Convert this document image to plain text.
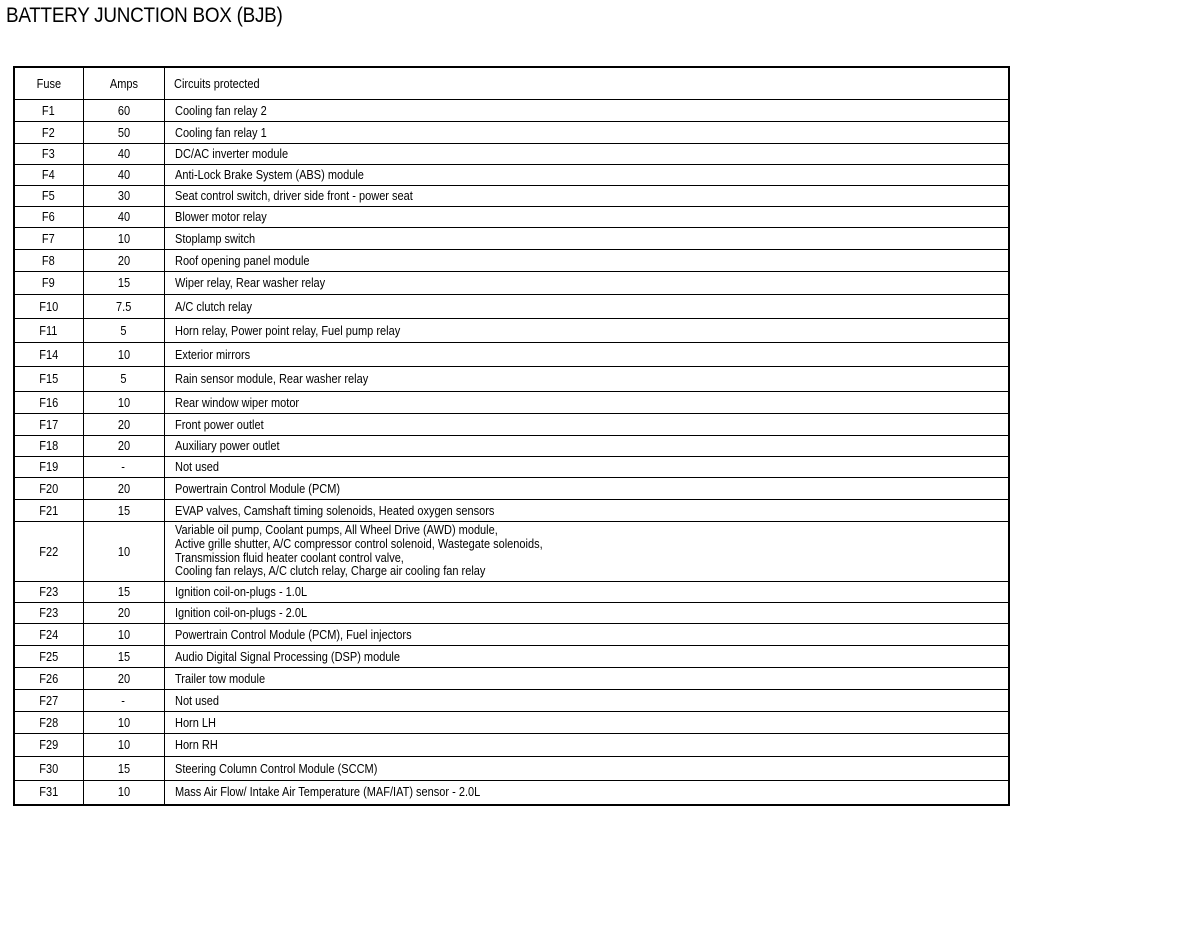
BATTERY JUNCTION BOX (BJB)
Fuse	Amps	Circuits protected
F1	60	Cooling fan relay 2
F2	50	Cooling fan relay 1
F3	40	DC/AC inverter module
F4	40	Anti-Lock Brake System (ABS) module
F5	30	Seat control switch, driver side front - power seat
F6	40	Blower motor relay
F7	10	Stoplamp switch
F8	20	Roof opening panel module
F9	15	Wiper relay, Rear washer relay
F10	7.5	A/C clutch relay
F11	5	Horn relay, Power point relay, Fuel pump relay
F14	10	Exterior mirrors
F15	5	Rain sensor module, Rear washer relay
F16	10	Rear window wiper motor
F17	20	Front power outlet
F18	20	Auxiliary power outlet
F19	-	Not used
F20	20	Powertrain Control Module (PCM)
F21	15	EVAP valves, Camshaft timing solenoids, Heated oxygen sensors
F22	10	Variable oil pump, Coolant pumps, All Wheel Drive (AWD) module,
Active grille shutter, A/C compressor control solenoid, Wastegate solenoids,
Transmission fluid heater coolant control valve,
Cooling fan relays, A/C clutch relay, Charge air cooling fan relay
F23	15	Ignition coil-on-plugs - 1.0L
F23	20	Ignition coil-on-plugs - 2.0L
F24	10	Powertrain Control Module (PCM), Fuel injectors
F25	15	Audio Digital Signal Processing (DSP) module
F26	20	Trailer tow module
F27	-	Not used
F28	10	Horn LH
F29	10	Horn RH
F30	15	Steering Column Control Module (SCCM)
F31	10	Mass Air Flow/ Intake Air Temperature (MAF/IAT) sensor - 2.0L
